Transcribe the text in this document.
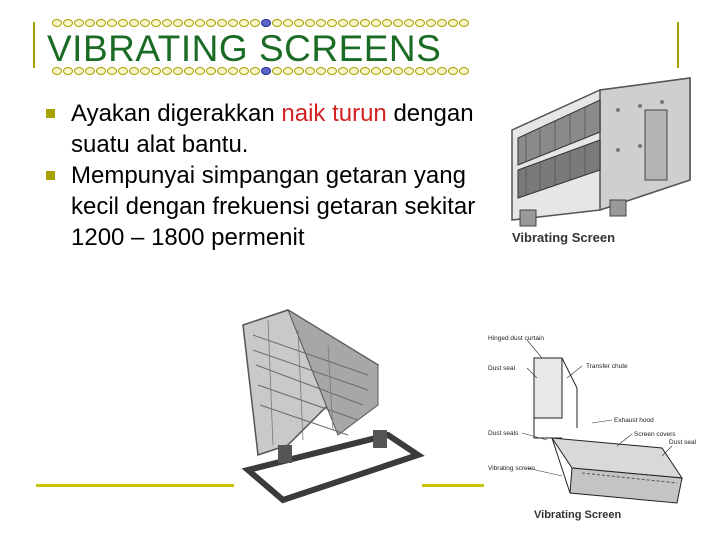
VIBRATING SCREENS
Ayakan digerakkan naik turun dengan suatu alat bantu.
Mempunyai simpangan getaran yang kecil dengan frekuensi getaran sekitar 1200 – 1800 permenit	Vibrating Screen
Hinged dust curtain
Dust seal	Transfer chute
Exhaust hood
Screen covers
Dust seals
Dust seal
Vibrating screen
Vibrating Screen
